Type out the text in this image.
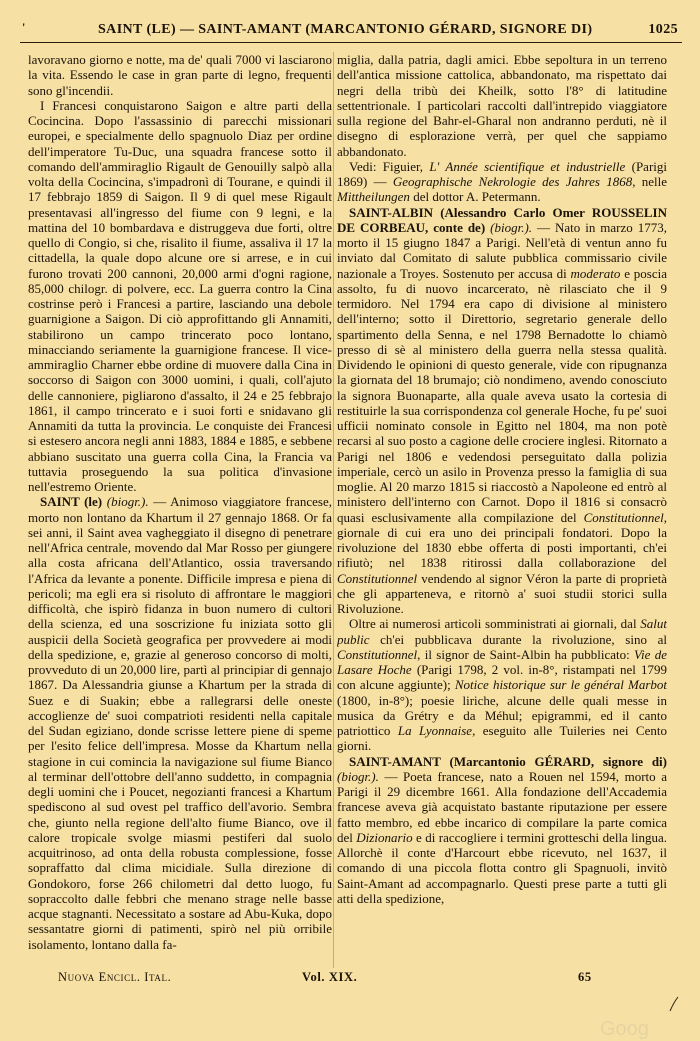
'	SAINT (LE) — SAINT-AMANT (MARCANTONIO GÉRARD, SIGNORE DI)	1025

lavoravano giorno e notte, ma de' quali 7000 vi lasciarono la vita. Essendo le case in gran parte di legno, frequenti sono gl'incendii.

I Francesi conquistarono Saigon e altre parti della Cocincina. Dopo l'assassinio di parecchi missionari europei, e specialmente dello spagnuolo Diaz per ordine dell'imperatore Tu-Duc, una squadra francese sotto il comando dell'ammiraglio Rigault de Genouilly salpò alla volta della Cocincina, s'impadronì di Tourane, e quindi il 17 febbrajo 1859 di Saigon. Il 9 di quel mese Rigault presentavasi all'ingresso del fiume con 9 legni, e la mattina del 10 bombardava e distruggeva due forti, oltre quello di Congio, si che, risalito il fiume, assaliva il 17 la cittadella, la quale dopo alcune ore si arrese, e in cui furono trovati 200 cannoni, 20,000 armi d'ogni ragione, 85,000 chilogr. di polvere, ecc. La guerra contro la Cina costrinse però i Francesi a partire, lasciando una debole guarnigione a Saigon. Di ciò approfittando gli Annamiti, stabilirono un campo trincerato poco lontano, minacciando seriamente la guarnigione francese. Il vice-ammiraglio Charner ebbe ordine di muovere dalla Cina in soccorso di Saigon con 3000 uomini, i quali, coll'ajuto delle cannoniere, pigliarono d'assalto, il 24 e 25 febbrajo 1861, il campo trincerato e i suoi forti e snidavano gli Annamiti da tutta la provincia. Le conquiste dei Francesi si estesero ancora negli anni 1883, 1884 e 1885, e sebbene abbiano suscitato una guerra colla Cina, la Francia va tuttavia proseguendo la sua politica d'invasione nell'estremo Oriente.

SAINT (le) (biogr.). — Animoso viaggiatore francese, morto non lontano da Khartum il 27 gennajo 1868. Or fa sei anni, il Saint avea vagheggiato il disegno di penetrare nell'Africa centrale, movendo dal Mar Rosso per giungere alla costa africana dell'Atlantico, ossia traversando l'Africa da levante a ponente. Difficile impresa e piena di pericoli; ma egli era si risoluto di affrontare le maggiori difficoltà, che ispirò fidanza in buon numero di cultori della scienza, ed una soscrizione fu iniziata sotto gli auspicii della Società geografica per provvedere ai modi della spedizione, e, grazie al generoso concorso di molti, provveduto di un 20,000 lire, partì al principiar di gennajo 1867. Da Alessandria giunse a Khartum per la strada di Suez e di Suakin; ebbe a rallegrarsi delle oneste accoglienze de' suoi compatrioti residenti nella capitale del Sudan egiziano, donde scrisse lettere piene di speme per l'esito felice dell'impresa. Mosse da Khartum nella stagione in cui comincia la navigazione sul fiume Bianco al terminar dell'ottobre dell'anno suddetto, in compagnia degli uomini che i Poucet, negozianti francesi a Khartum spediscono al sud ovest pel traffico dell'avorio. Sembra che, giunto nella regione dell'alto fiume Bianco, ove il calore tropicale svolge miasmi pestiferi dal suolo acquitrinoso, ad onta della robusta complessione, fosse sopraffatto dal clima micidiale. Sulla direzione di Gondokoro, forse 266 chilometri dal detto luogo, fu sopraccolto dalle febbri che menano strage nelle basse acque stagnanti. Necessitato a sostare ad Abu-Kuka, dopo sessantatre giorni di patimenti, spirò nel più orribile isolamento, lontano dalla fa-

miglia, dalla patria, dagli amici. Ebbe sepoltura in un terreno dell'antica missione cattolica, abbandonato, ma rispettato dai negri della tribù dei Kheilk, sotto l'8° di latitudine settentrionale. I particolari raccolti dall'intrepido viaggiatore sulla regione del Bahr-el-Gharal non andranno perduti, nè il disegno di esplorazione verrà, per quel che sappiamo abbandonato.

Vedi: Figuier, L' Année scientifique et industrielle (Parigi 1869) — Geographische Nekrologie des Jahres 1868, nelle Mittheilungen del dottor A. Petermann.

SAINT-ALBIN (Alessandro Carlo Omer ROUSSELIN DE CORBEAU, conte de) (biogr.). — Nato in marzo 1773, morto il 15 giugno 1847 a Parigi. Nell'età di ventun anno fu inviato dal Comitato di salute pubblica commissario civile nazionale a Troyes. Sostenuto per accusa di moderato e poscia assolto, fu di nuovo incarcerato, nè rilasciato che il 9 termidoro. Nel 1794 era capo di divisione al ministero dell'interno; sotto il Direttorio, segretario generale dello spartimento della Senna, e nel 1798 Bernadotte lo chiamò presso di sè al ministero della guerra nella stessa qualità. Dividendo le opinioni di questo generale, vide con ripugnanza la giornata del 18 brumajo; ciò nondimeno, avendo conosciuto la signora Buonaparte, alla quale aveva usato la cortesia di restituirle la sua corrispondenza col generale Hoche, fu pe' suoi ufficii nominato console in Egitto nel 1804, ma non potè recarsi al suo posto a cagione delle crociere inglesi. Ritornato a Parigi nel 1806 e vedendosi perseguitato dalla polizia imperiale, cercò un asilo in Provenza presso la famiglia di sua moglie. Al 20 marzo 1815 si riaccostò a Napoleone ed entrò al ministero dell'interno con Carnot. Dopo il 1816 si consacrò quasi esclusivamente alla compilazione del Constitutionnel, giornale di cui era uno dei principali fondatori. Dopo la rivoluzione del 1830 ebbe offerta di posti importanti, ch'ei rifiutò; nel 1838 ritirossi dalla collaborazione del Constitutionnel vendendo al signor Véron la parte di proprietà che gli apparteneva, e ritornò a' suoi studii storici sulla Rivoluzione.

Oltre ai numerosi articoli somministrati ai giornali, dal Salut public ch'ei pubblicava durante la rivoluzione, sino al Constitutionnel, il signor de Saint-Albin ha pubblicato: Vie de Lasare Hoche (Parigi 1798, 2 vol. in-8°, ristampati nel 1799 con alcune aggiunte); Notice historique sur le général Marbot (1800, in-8°); poesie liriche, alcune delle quali messe in musica da Grétry e da Méhul; epigrammi, ed il canto patriottico La Lyonnaise, eseguito alle Tuileries nei Cento giorni.

SAINT-AMANT (Marcantonio GÉRARD, signore di) (biogr.). — Poeta francese, nato a Rouen nel 1594, morto a Parigi il 29 dicembre 1661. Alla fondazione dell'Accademia francese aveva già acquistato bastante riputazione per essere fatto membro, ed ebbe incarico di compilare la parte comica del Dizionario e di raccogliere i termini grotteschi della lingua. Allorchè il conte d'Harcourt ebbe ricevuto, nel 1637, il comando di una piccola flotta contro gli Spagnuoli, invitò Saint-Amant ad accompagnarlo. Questi prese parte a tutti gli atti della spedizione,

Nuova Encicl. Ital.	Vol. XIX.	65
Goog
